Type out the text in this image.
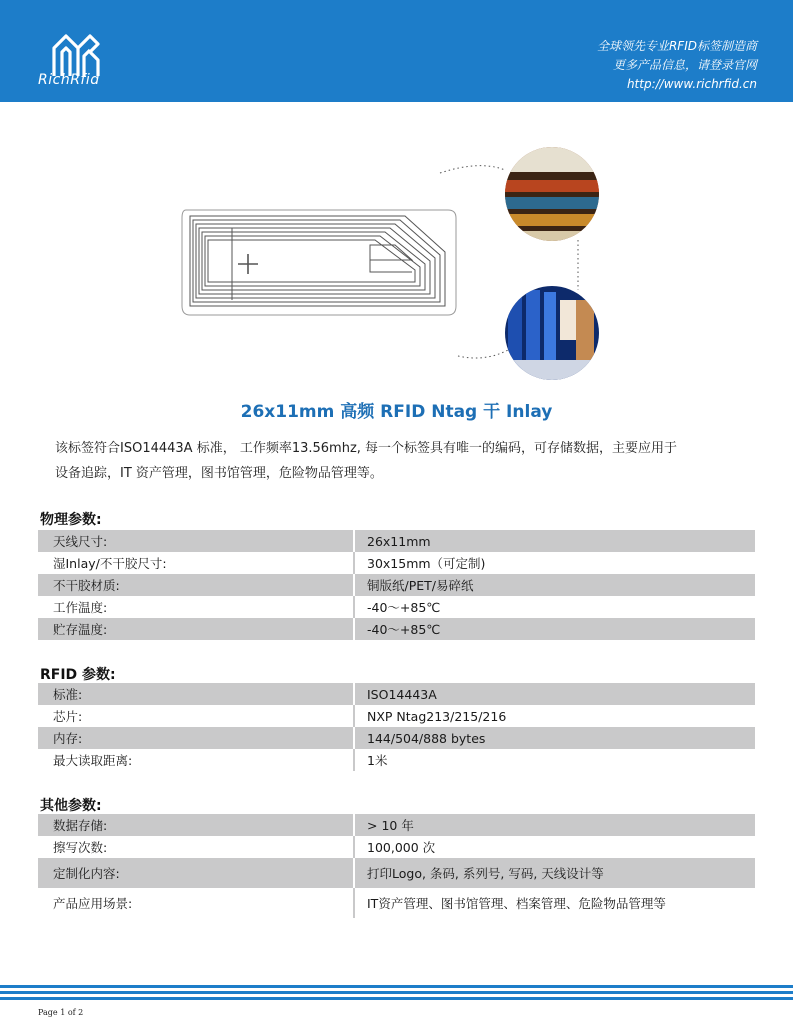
RichRfid
全球领先专业RFID标签制造商
更多产品信息，请登录官网
http://www.richrfid.cn
26x11mm 高频 RFID Ntag 干 Inlay
该标签符合ISO14443A 标准， 工作频率13.56mhz, 每一个标签具有唯一的编码，可存储数据，主要应用于
设备追踪，IT 资产管理，图书馆管理，危险物品管理等。
物理参数:
天线尺寸:	26x11mm
湿Inlay/不干胶尺寸:	30x15mm（可定制)
不干胶材质:	铜版纸/PET/易碎纸
工作温度:	-40～+85℃
贮存温度:	-40～+85℃
RFID 参数:
标准:	ISO14443A
芯片:	NXP Ntag213/215/216
内存:	144/504/888 bytes
最大读取距离:	1米
其他参数:
数据存储:	> 10 年
擦写次数:	100,000 次
定制化内容:	打印Logo, 条码, 系列号, 写码, 天线设计等
产品应用场景:	IT资产管理、图书馆管理、档案管理、危险物品管理等
Page 1 of 2
